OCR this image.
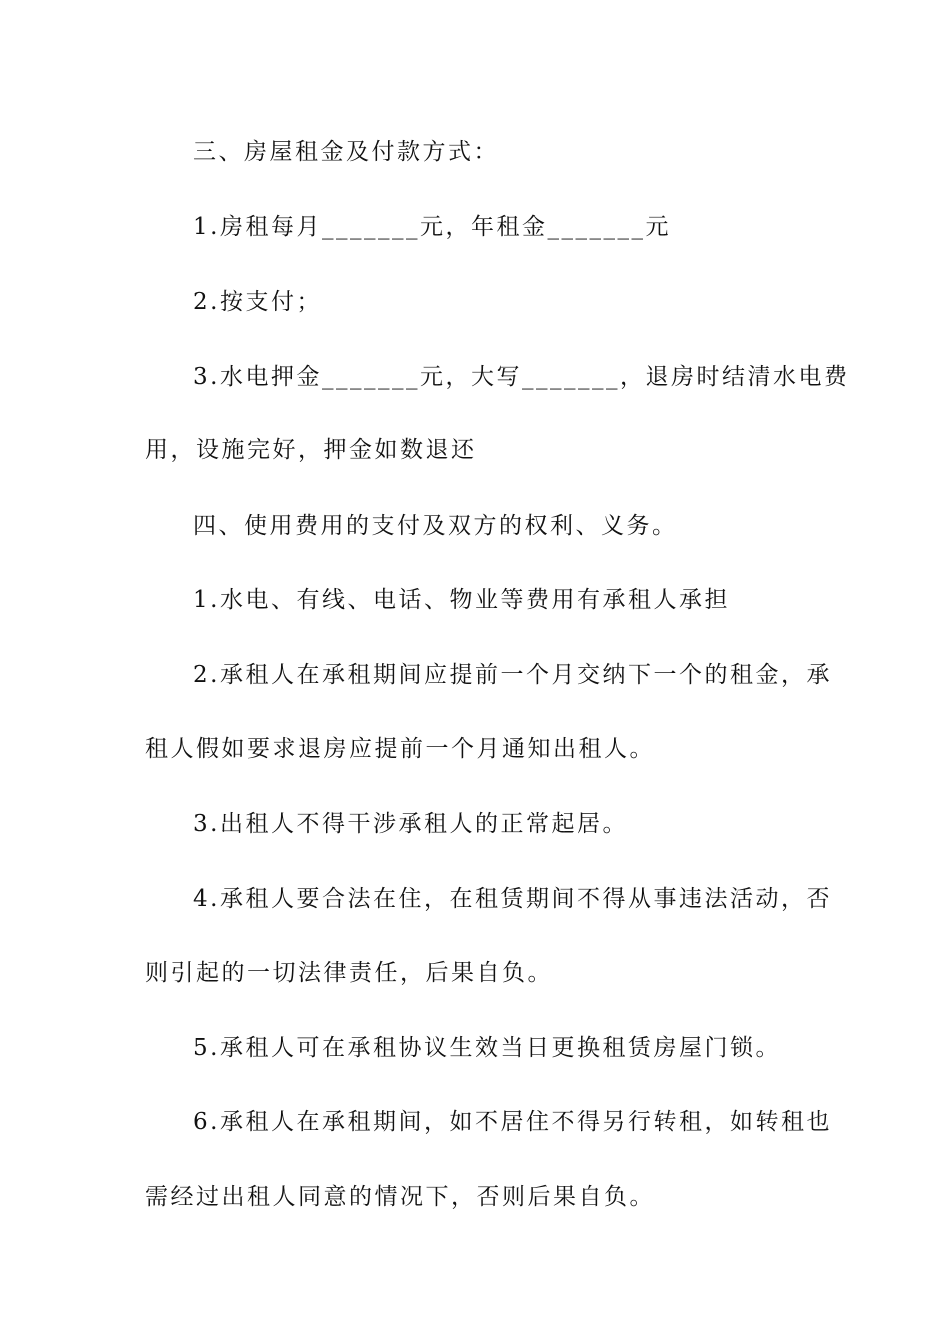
三、房屋租金及付款方式：

1.房租每月_______元，年租金_______元

2.按支付；

3.水电押金_______元，大写_______，退房时结清水电费

用，设施完好，押金如数退还

四、使用费用的支付及双方的权利、义务。

1.水电、有线、电话、物业等费用有承租人承担

2.承租人在承租期间应提前一个月交纳下一个的租金，承

租人假如要求退房应提前一个月通知出租人。

3.出租人不得干涉承租人的正常起居。

4.承租人要合法在住，在租赁期间不得从事违法活动，否

则引起的一切法律责任，后果自负。

5.承租人可在承租协议生效当日更换租赁房屋门锁。

6.承租人在承租期间，如不居住不得另行转租，如转租也

需经过出租人同意的情况下，否则后果自负。
